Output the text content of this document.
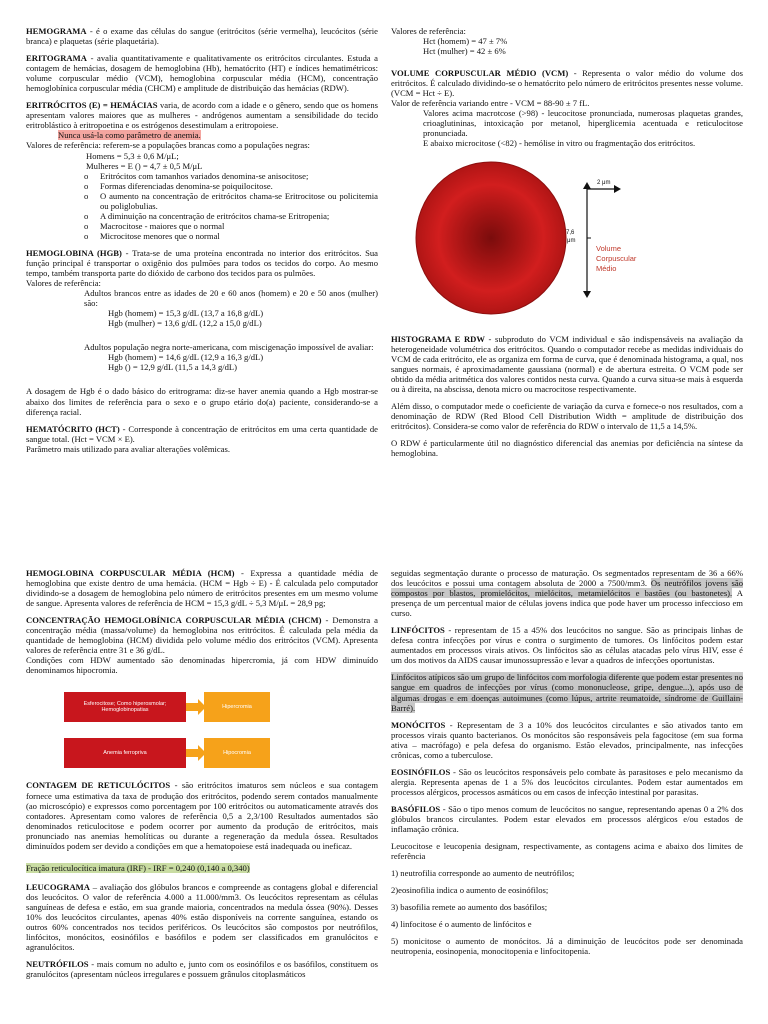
HEMOGRAMA - é o exame das células do sangue (eritrócitos (série vermelha), leucócitos (série branca) e plaquetas (série plaquetária).

ERITOGRAMA - avalia quantitativamente e qualitativamente os eritrócitos circulantes. Estuda a contagem de hemácias, dosagem de hemoglobina (Hb), hematócrito (HT) e índices hematimétricos: volume corpuscular médio (VCM), hemoglobina corpuscular média (HCM), concentração hemoglobínica corpuscular média (CHCM) e amplitude de distribuição das hemácias (RDW).

ERITRÓCITOS (E) = HEMÁCIAS varia, de acordo com a idade e o gênero, sendo que os homens apresentam valores maiores que as mulheres - andrógenos aumentam a sensibilidade do tecido eritroblástico à eritropoetina e os estrógenos desestimulam a eritropoiese.

Nunca usá-la como parâmetro de anemia.

Valores de referência: referem-se a populações brancas como a populações negras:

Homens = 5,3 ± 0,6 M/μL;

Mulheres = E () = 4,7 ± 0,5 M/μL

o Eritrócitos com tamanhos variados denomina-se anisocitose;
o Formas diferenciadas denomina-se poiquilocitose.
o O aumento na concentração de eritrócitos chama-se Eritrocitose ou policitemia ou poliglobulias.
o A diminuição na concentração de eritrócitos chama-se Eritropenia;
o Macrocitose - maiores que o normal
o Microcitose menores que o normal

HEMOGLOBINA (HGB) - Trata-se de uma proteína encontrada no interior dos eritrócitos. Sua função principal é transportar o oxigênio dos pulmões para todos os tecidos do corpo. Ao mesmo tempo, também transporta parte do dióxido de carbono dos tecidos para os pulmões.

Valores de referência:

Adultos brancos entre as idades de 20 e 60 anos (homem) e 20 e 50 anos (mulher) são:

Hgb (homem) = 15,3 g/dL (13,7 a 16,8 g/dL)

Hgb (mulher) = 13,6 g/dL (12,2 a 15,0 g/dL)

Adultos população negra norte-americana, com miscigenação impossível de avaliar:

Hgb (homem) = 14,6 g/dL (12,9 a 16,3 g/dL)

Hgb () = 12,9 g/dL (11,5 a 14,3 g/dL)

A dosagem de Hgb é o dado básico do eritrograma: diz-se haver anemia quando a Hgb mostrar-se abaixo dos limites de referência para o sexo e o grupo etário do(a) paciente, considerando-se a diferença racial.

HEMATÓCRITO (HCT) - Corresponde à concentração de eritrócitos em uma certa quantidade de sangue total. (Hct = VCM × E).

Parâmetro mais utilizado para avaliar alterações volêmicas.

Valores de referência:

Hct (homem) = 47 ± 7%

Hct (mulher) = 42 ± 6%

VOLUME CORPUSCULAR MÉDIO (VCM) - Representa o valor médio do volume dos eritrócitos. É calculado dividindo-se o hematócrito pelo número de eritrócitos presentes nesse volume.(VCM = Hct ÷ E).

Valor de referência variando entre - VCM = 88-90 ± 7 fL.

Valores acima macrotcose (>98) - leucocitose pronunciada, numerosas plaquetas grandes, crioaglutininas, intoxicação por metanol, hiperglicemia acentuada e reticulocitose pronunciada.

E abaixo microcitose (<82) - hemólise in vitro ou fragmentação dos eritrócitos.

2 μm
7,6
μm
Volume
Corpuscular
Médio

HISTOGRAMA E RDW - subproduto do VCM individual e são indispensáveis na avaliação da heterogeneidade volumétrica dos eritrócitos. Quando o computador recebe as medidas individuais do VCM de cada eritrócito, ele as organiza em forma de curva, que é denominada histograma, a qual, nos sangues normais, é aproximadamente gaussiana (normal) e de abertura estreita. O VCM pode ser obtido da média aritmética dos valores contidos nesta curva. Quando a curva situa-se mais à esquerda ou à direita, na abscissa, denota micro ou macrocitose respectivamente.

Além disso, o computador mede o coeficiente de variação da curva e fornece-o nos resultados, com a denominação de RDW (Red Blood Cell Distribution Width = amplitude de distribuição dos eritrócitos). Considera-se como valor de referência do RDW o intervalo de 11,5 a 14,5%.

O RDW é particularmente útil no diagnóstico diferencial das anemias por deficiência na síntese da hemoglobina.

HEMOGLOBINA CORPUSCULAR MÉDIA (HCM) - Expressa a quantidade média de hemoglobina que existe dentro de uma hemácia. (HCM = Hgb ÷ E) - É calculada pelo computador dividindo-se a dosagem de hemoglobina pelo número de eritrócitos presentes em um mesmo volume de sangue. Apresenta valores de referência de HCM = 15,3 g/dL ÷ 5,3 M/μL = 28,9 pg;

CONCENTRAÇÃO HEMOGLOBÍNICA CORPUSCULAR MÉDIA (CHCM) - Demonstra a concentração média (massa/volume) da hemoglobina nos eritrócitos. É calculada pela média da quantidade de hemoglobina (HCM) dividida pelo volume médio dos eritrócitos (VCM). Apresenta valores de referência entre 31 e 36 g/dL.

Condições com HDW aumentado são denominadas hipercromia, já com HDW diminuído denominamos hipocromia.

Esferocitose; Como hiperosmolar; Hemoglobinopatias
Hipercromia
Anemia ferropriva	Hipocromia

CONTAGEM DE RETICULÓCITOS - são eritrócitos imaturos sem núcleos e sua contagem fornece uma estimativa da taxa de produção dos eritrócitos, podendo serem contados manualmente (ao microscópio) e expressos como porcentagem por 100 eritrócitos ou automaticamente através dos contadores. Apresentam como valores de referência 0,5 a 2,3/100 Resultados aumentados são denominados reticulocitose e podem ocorrer por aumento da produção de eritrócitos, mais pronunciado nas anemias hemolíticas ou durante a regeneração da medula óssea. Resultados diminuídos podem ser devido a condições em que a hematopoiese está inadequada ou ineficaz.

Fração reticulocítica imatura (IRF) - IRF = 0,240 (0,140 a 0,340)

LEUCOGRAMA – avaliação dos glóbulos brancos e compreende as contagens global e diferencial dos leucócitos. O valor de referência 4.000 a 11.000/mm3. Os leucócitos representam as células sanguíneas de defesa e estão, em sua grande maioria, concentrados na medula óssea (90%). Desses 10% dos leucócitos circulantes, apenas 40% estão disponíveis na corrente sanguínea, estando os outros 60% concentrados nos tecidos periféricos. Os leucócitos são compostos por neutrófilos, linfócitos, monócitos, eosinófilos e basófilos e podem ser classificados em granulócitos e agranulócitos.

NEUTRÓFILOS - mais comum no adulto e, junto com os eosinófilos e os basófilos, constituem os granulócitos (apresentam núcleos irregulares e possuem grânulos citoplasmáticos

seguidas segmentação durante o processo de maturação. Os segmentados representam de 36 a 66% dos leucócitos e possui uma contagem absoluta de 2000 a 7500/mm3. Os neutrófilos jovens são compostos por blastos, promielócitos, mielócitos, metamielócitos e bastões (ou bastonetes). A presença de um percentual maior de células jovens indica que pode haver um processo infeccioso em curso.

LINFÓCITOS - representam de 15 a 45% dos leucócitos no sangue. São as principais linhas de defesa contra infecções por vírus e contra o surgimento de tumores. Os linfócitos podem estar aumentados em processos virais ativos. Os linfócitos são as células atacadas pelo vírus HIV, esse é um dos motivos da AIDS causar imunossupressão e levar a quadros de infecções oportunistas.

Linfócitos atípicos são um grupo de linfócitos com morfologia diferente que podem estar presentes no sangue em quadros de infecções por vírus (como mononucleose, gripe, dengue...), após uso de algumas drogas e em doenças autoimunes (como lúpus, artrite reumatoide, síndrome de Guillain-Barré).

MONÓCITOS - Representam de 3 a 10% dos leucócitos circulantes e são ativados tanto em processos virais quanto bacterianos. Os monócitos são responsáveis pela fagocitose (em sua forma ativa – macrófago) e pela defesa do organismo. Estão elevados, principalmente, nas infecções crônicas, como a tuberculose.

EOSINÓFILOS - São os leucócitos responsáveis pelo combate às parasitoses e pelo mecanismo da alergia. Representa apenas de 1 a 5% dos leucócitos circulantes. Podem estar aumentados em processos alérgicos, processos asmáticos ou em casos de infecção intestinal por parasitas.

BASÓFILOS - São o tipo menos comum de leucócitos no sangue, representando apenas 0 a 2% dos glóbulos brancos circulantes. Podem estar elevados em processos alérgicos e/ou estados de inflamação crônica.

Leucocitose e leucopenia designam, respectivamente, as contagens acima e abaixo dos limites de referência

1) neutrofilia corresponde ao aumento de neutrófilos;

2)eosinofilia indica o aumento de eosinófilos;

3) basofilia remete ao aumento dos basófilos;

4) linfocitose é o aumento de linfócitos e

5) monicitose o aumento de monócitos. Já a diminuição de leucócitos pode ser denominada neutropenia, eosinopenia, monocitopenia e linfocitopenia.
